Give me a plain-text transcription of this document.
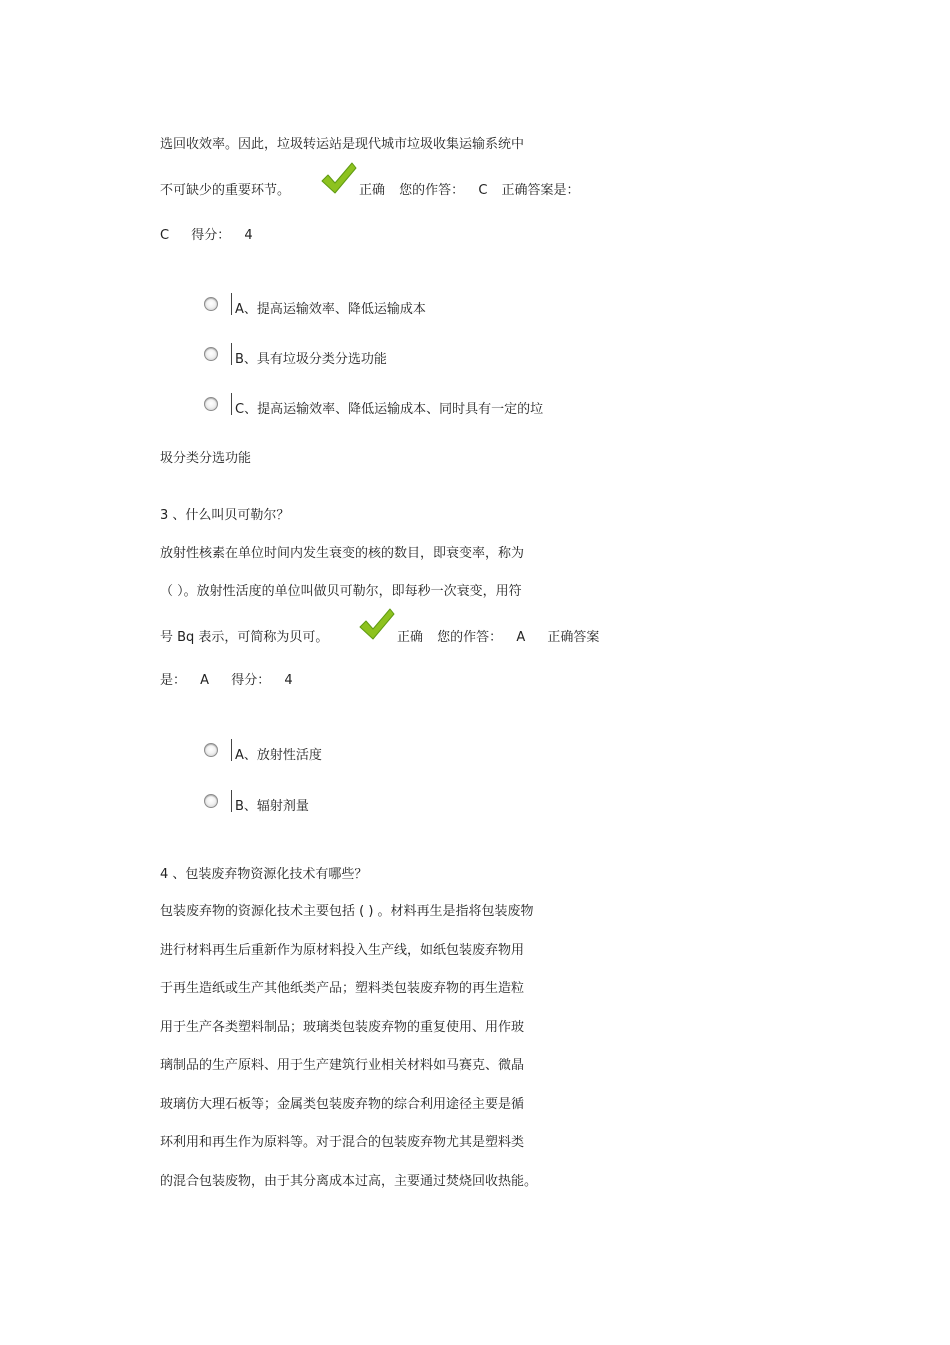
选回收效率。因此，垃圾转运站是现代城市垃圾收集运输系统中
不可缺少的重要环节。	正确 您的作答： C 正确答案是：
C 得分： 4
A、提高运输效率、降低运输成本
B、具有垃圾分类分选功能
C、提高运输效率、降低运输成本、同时具有一定的垃
圾分类分选功能
3 、什么叫贝可勒尔？
放射性核素在单位时间内发生衰变的核的数目，即衰变率，称为
（ ）。放射性活度的单位叫做贝可勒尔，即每秒一次衰变，用符
号 Bq 表示，可简称为贝可。	正确 您的作答： A 正确答案
是： A 得分： 4
A、放射性活度
B、辐射剂量
4 、包装废弃物资源化技术有哪些？
包装废弃物的资源化技术主要包括 ( ) 。材料再生是指将包装废物
进行材料再生后重新作为原材料投入生产线，如纸包装废弃物用
于再生造纸或生产其他纸类产品；塑料类包装废弃物的再生造粒
用于生产各类塑料制品；玻璃类包装废弃物的重复使用、用作玻
璃制品的生产原料、用于生产建筑行业相关材料如马赛克、微晶
玻璃仿大理石板等；金属类包装废弃物的综合利用途径主要是循
环利用和再生作为原料等。对于混合的包装废弃物尤其是塑料类
的混合包装废物，由于其分离成本过高，主要通过焚烧回收热能。
